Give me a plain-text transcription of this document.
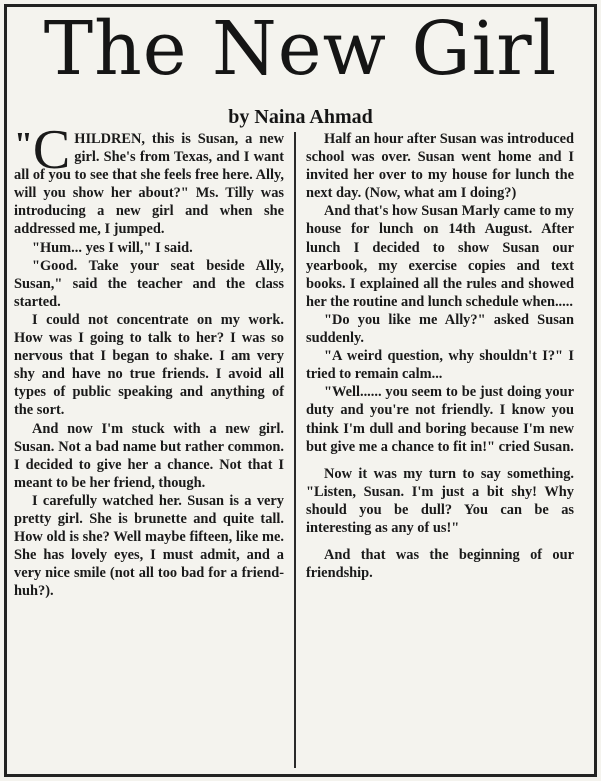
The New Girl
by Naina Ahmad

"C HILDREN, this is Susan, a new girl. She's from Texas, and I want all of you to see that she feels free here. Ally, will you show her about?" Ms. Tilly was introducing a new girl and when she addressed me, I jumped.

"Hum... yes I will," I said.

"Good. Take your seat beside Ally, Susan," said the teacher and the class started.

I could not concentrate on my work. How was I going to talk to her? I was so nervous that I began to shake. I am very shy and have no true friends. I avoid all types of public speaking and anything of the sort.

And now I'm stuck with a new girl. Susan. Not a bad name but rather common. I decided to give her a chance. Not that I meant to be her friend, though.

I carefully watched her. Susan is a very pretty girl. She is brunette and quite tall. How old is she? Well maybe fifteen, like me. She has lovely eyes, I must admit, and a very nice smile (not all too bad for a friend-huh?).

Half an hour after Susan was introduced school was over. Susan went home and I invited her over to my house for lunch the next day. (Now, what am I doing?)

And that's how Susan Marly came to my house for lunch on 14th August. After lunch I decided to show Susan our yearbook, my exercise copies and text books. I explained all the rules and showed her the routine and lunch schedule when.....

"Do you like me Ally?" asked Susan suddenly.

"A weird question, why shouldn't I?" I tried to remain calm...

"Well...... you seem to be just doing your duty and you're not friendly. I know you think I'm dull and boring because I'm new but give me a chance to fit in!" cried Susan.

Now it was my turn to say something. "Listen, Susan. I'm just a bit shy! Why should you be dull? You can be as interesting as any of us!"

And that was the beginning of our friendship.
